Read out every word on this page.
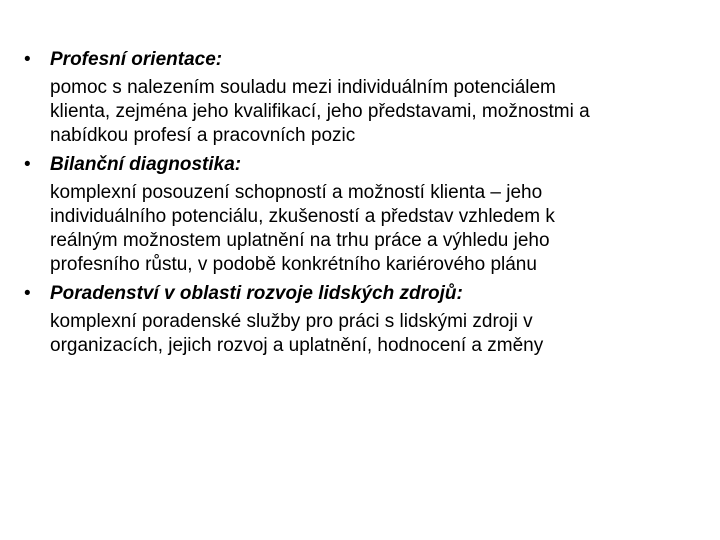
• Profesní orientace:

pomoc s nalezením souladu mezi individuálním potenciálem
klienta, zejména jeho kvalifikací, jeho představami, možnostmi a
nabídkou profesí a pracovních pozic

• Bilanční diagnostika:

komplexní posouzení schopností a možností klienta – jeho
individuálního potenciálu, zkušeností a představ vzhledem k
reálným možnostem uplatnění na trhu práce a výhledu jeho
profesního růstu, v podobě konkrétního kariérového plánu

• Poradenství v oblasti rozvoje lidských zdrojů:

komplexní poradenské služby pro práci s lidskými zdroji v
organizacích, jejich rozvoj a uplatnění, hodnocení a změny
